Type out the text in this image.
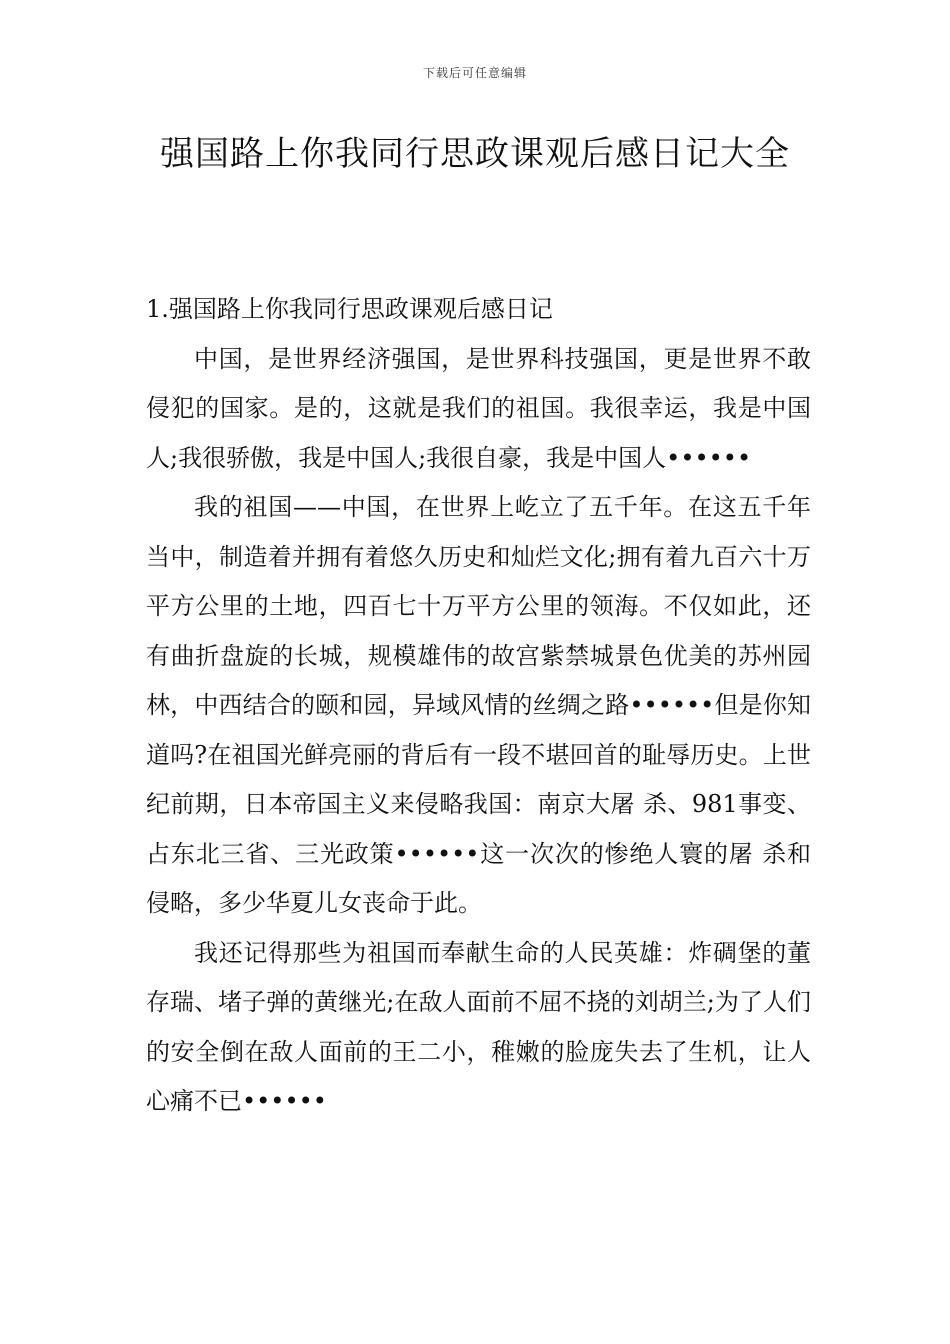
下载后可任意编辑
强国路上你我同行思政课观后感日记大全

1.强国路上你我同行思政课观后感日记

中国，是世界经济强国，是世界科技强国，更是世界不敢侵犯的国家。是的，这就是我们的祖国。我很幸运，我是中国人;我很骄傲，我是中国人;我很自豪，我是中国人••••••

我的祖国——中国，在世界上屹立了五千年。在这五千年当中，制造着并拥有着悠久历史和灿烂文化;拥有着九百六十万平方公里的土地，四百七十万平方公里的领海。不仅如此，还有曲折盘旋的长城，规模雄伟的故宫紫禁城景色优美的苏州园林，中西结合的颐和园，异域风情的丝绸之路••••••但是你知道吗?在祖国光鲜亮丽的背后有一段不堪回首的耻辱历史。上世纪前期，日本帝国主义来侵略我国：南京大屠 杀、981事变、占东北三省、三光政策••••••这一次次的惨绝人寰的屠 杀和侵略，多少华夏儿女丧命于此。

我还记得那些为祖国而奉献生命的人民英雄：炸碉堡的董存瑞、堵子弹的黄继光;在敌人面前不屈不挠的刘胡兰;为了人们的安全倒在敌人面前的王二小，稚嫩的脸庞失去了生机，让人心痛不已••••••
